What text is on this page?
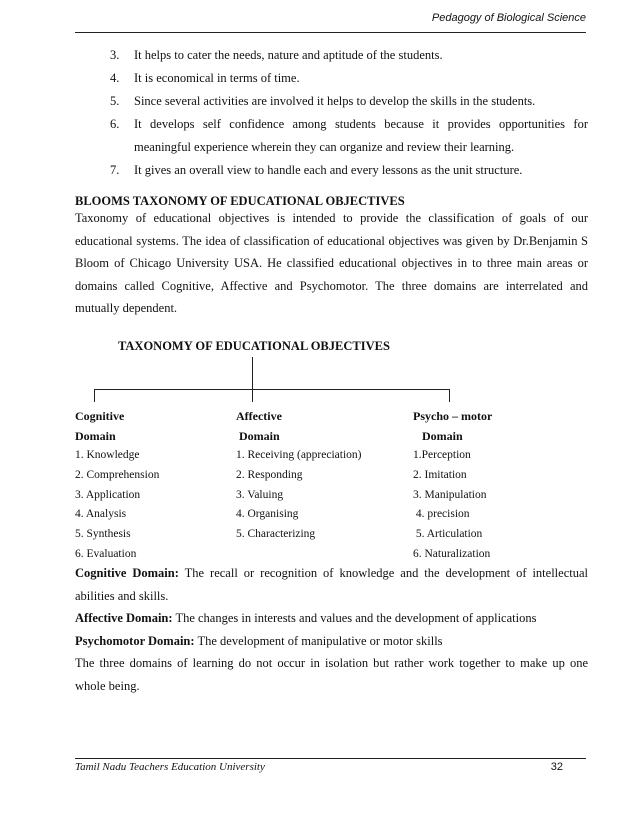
Pedagogy of Biological Science
3. It helps to cater the needs, nature and aptitude of the students.
4. It is economical in terms of time.
5. Since several activities are involved it helps to develop the skills in the students.
6. It develops self confidence among students because it provides opportunities for meaningful experience wherein they can organize and review their learning.
7. It gives an overall view to handle each and every lessons as the unit structure.
BLOOMS TAXONOMY OF EDUCATIONAL OBJECTIVES

Taxonomy of educational objectives is intended to provide the classification of goals of our educational systems. The idea of classification of educational objectives was given by Dr.Benjamin S Bloom of Chicago University USA. He classified educational objectives in to three main areas or domains called Cognitive, Affective and Psychomotor. The three domains are interrelated and mutually dependent.

TAXONOMY OF EDUCATIONAL OBJECTIVES
Cognitive
Domain
1. Knowledge
2. Comprehension
3. Application
4. Analysis
5. Synthesis
6. Evaluation
Affective
Domain
1. Receiving (appreciation)
2. Responding
3. Valuing
4. Organising
5. Characterizing
Psycho – motor
Domain
1.Perception
2. Imitation
3. Manipulation
4. precision
5. Articulation
6. Naturalization

Cognitive Domain: The recall or recognition of knowledge and the development of intellectual abilities and skills.

Affective Domain: The changes in interests and values and the development of applications

Psychomotor Domain: The development of manipulative or motor skills

The three domains of learning do not occur in isolation but rather work together to make up one whole being.

Tamil Nadu Teachers Education University	32
